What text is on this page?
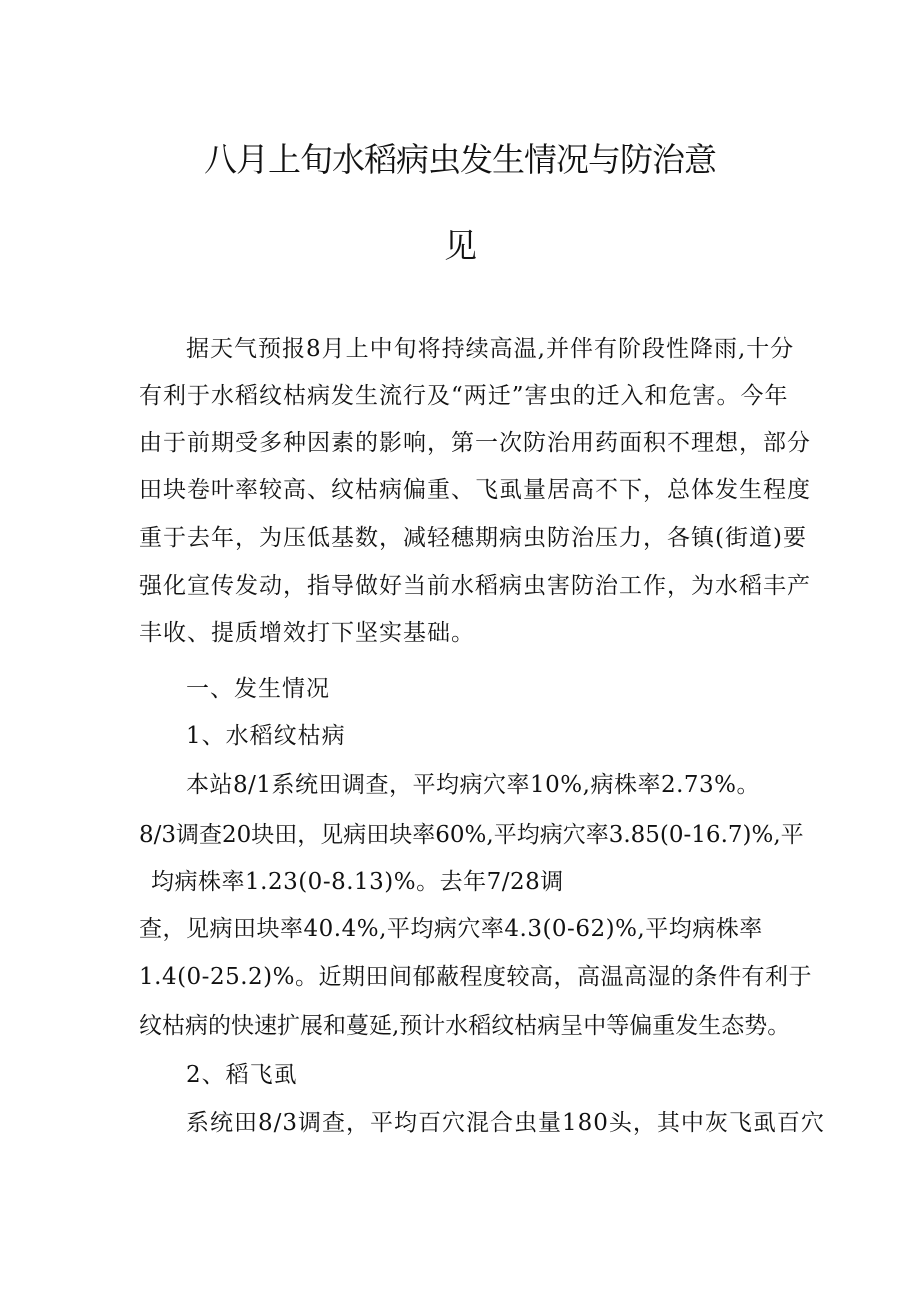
八月上旬水稻病虫发生情况与防治意
见
据天气预报8月上中旬将持续高温,并伴有阶段性降雨,十分
有利于水稻纹枯病发生流行及“两迁”害虫的迁入和危害。今年
由于前期受多种因素的影响，第一次防治用药面积不理想，部分
田块卷叶率较高、纹枯病偏重、飞虱量居高不下，总体发生程度
重于去年，为压低基数，减轻穗期病虫防治压力，各镇(街道)要
强化宣传发动，指导做好当前水稻病虫害防治工作，为水稻丰产
丰收、提质增效打下坚实基础。
一、发生情况
1、水稻纹枯病
本站8/1系统田调查，平均病穴率10%,病株率2.73%。
8/3调查20块田，见病田块率60%,平均病穴率3.85(0-16.7)%,平
均病株率1.23(0-8.13)%。去年7/28调
查，见病田块率40.4%,平均病穴率4.3(0-62)%,平均病株率
1.4(0-25.2)%。近期田间郁蔽程度较高，高温高湿的条件有利于
纹枯病的快速扩展和蔓延,预计水稻纹枯病呈中等偏重发生态势。
2、稻飞虱
系统田8/3调查，平均百穴混合虫量180头，其中灰飞虱百穴
